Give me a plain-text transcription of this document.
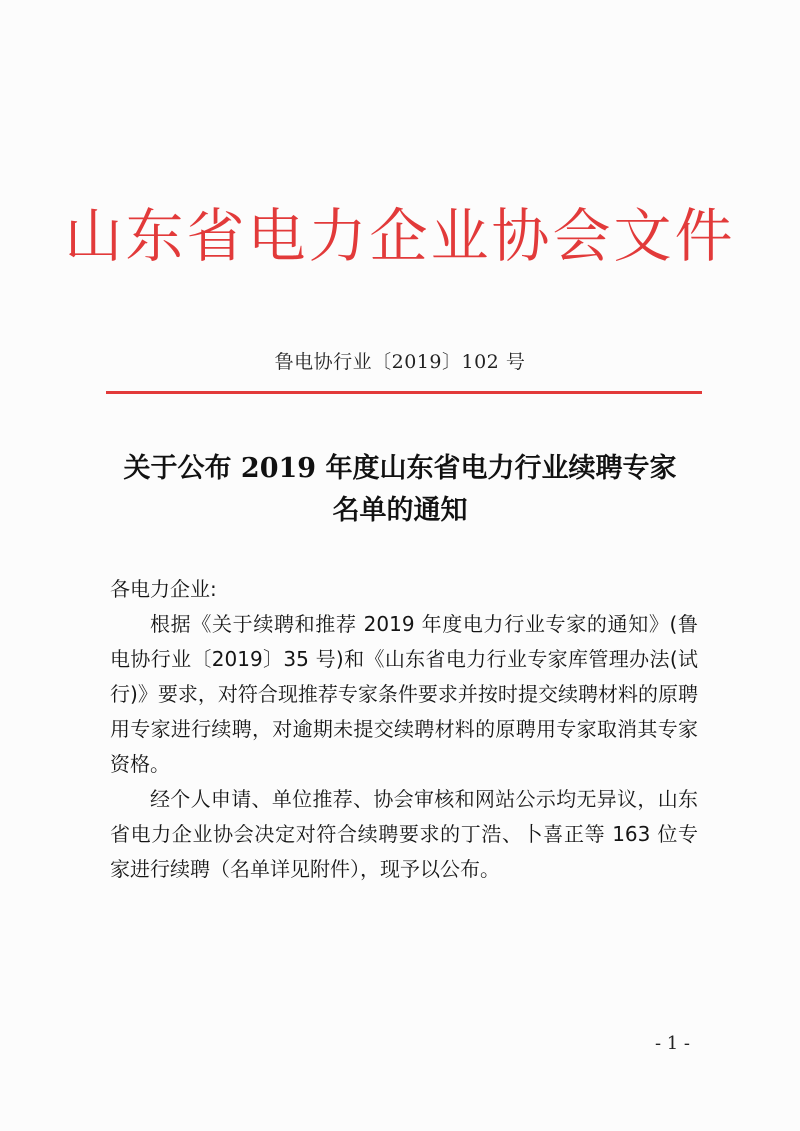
山东省电力企业协会文件
鲁电协行业〔2019〕102 号
关于公布 2019 年度山东省电力行业续聘专家
名单的通知

各电力企业:

根据《关于续聘和推荐 2019 年度电力行业专家的通知》(鲁电协行业〔2019〕35 号)和《山东省电力行业专家库管理办法(试行)》要求，对符合现推荐专家条件要求并按时提交续聘材料的原聘用专家进行续聘，对逾期未提交续聘材料的原聘用专家取消其专家资格。

经个人申请、单位推荐、协会审核和网站公示均无异议，山东省电力企业协会决定对符合续聘要求的丁浩、卜喜正等 163 位专家进行续聘（名单详见附件），现予以公布。

- 1 -
